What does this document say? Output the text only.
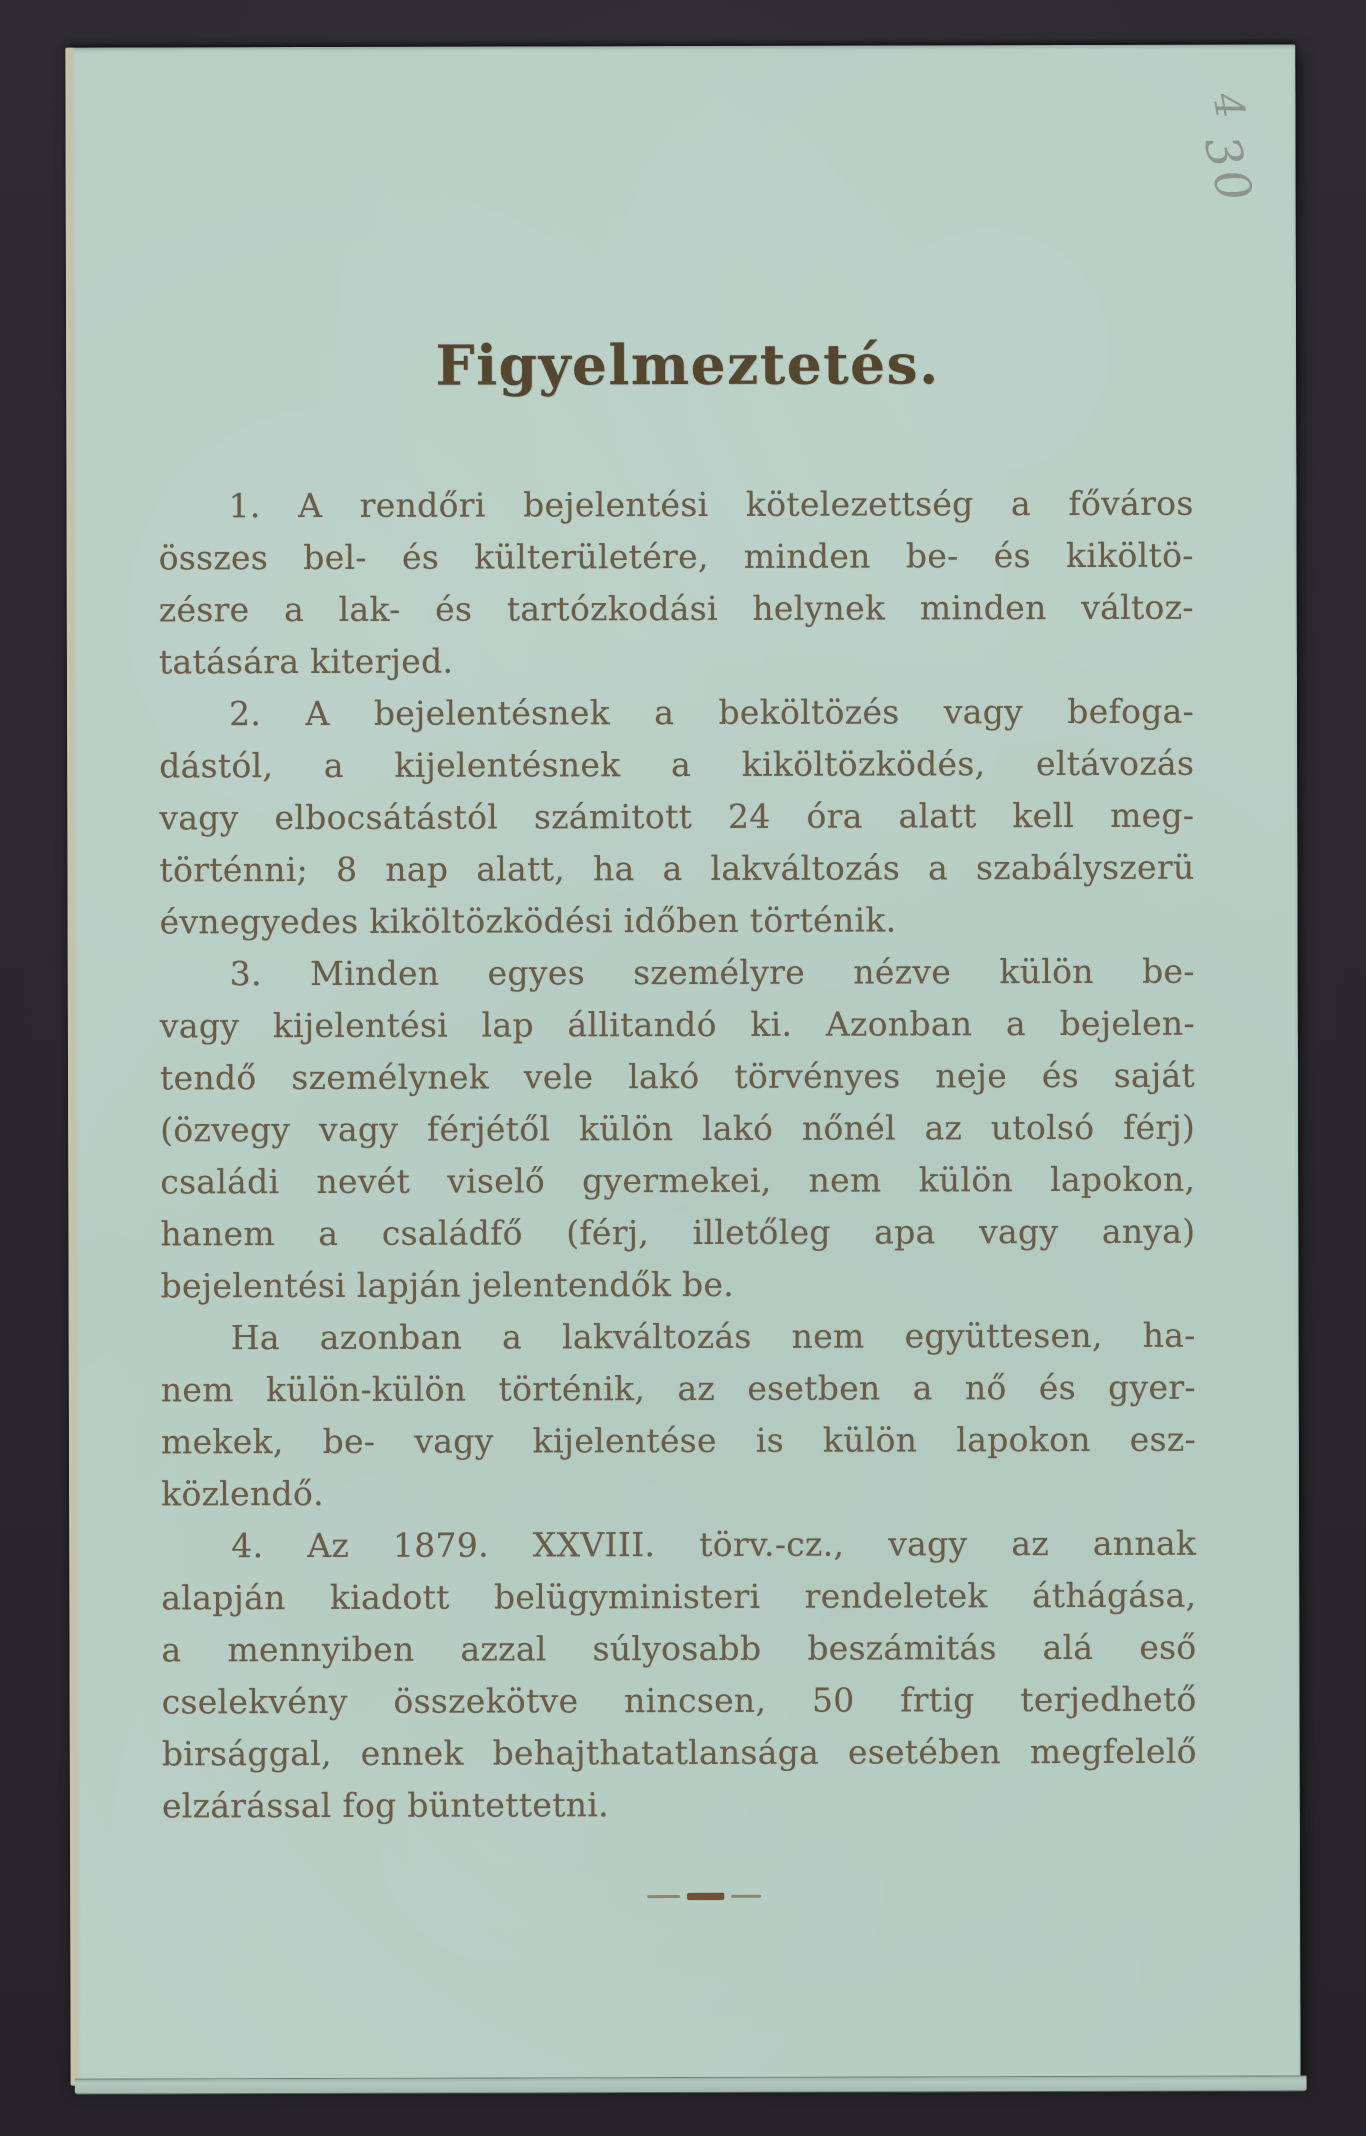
4
30
Figyelmeztetés.
1. A rendőri bejelentési kötelezettség a főváros
összes bel- és külterületére, minden be- és kiköltö-
zésre a lak- és tartózkodási helynek minden változ-
tatására kiterjed.
2. A bejelentésnek a beköltözés vagy befoga-
dástól, a kijelentésnek a kiköltözködés, eltávozás
vagy elbocsátástól számitott 24 óra alatt kell meg-
történni; 8 nap alatt, ha a lakváltozás a szabályszerü
évnegyedes kiköltözködési időben történik.
3. Minden egyes személyre nézve külön be-
vagy kijelentési lap állitandó ki. Azonban a bejelen-
tendő személynek vele lakó törvényes neje és saját
(özvegy vagy férjétől külön lakó nőnél az utolsó férj)
családi nevét viselő gyermekei, nem külön lapokon,
hanem a családfő (férj, illetőleg apa vagy anya)
bejelentési lapján jelentendők be.
Ha azonban a lakváltozás nem együttesen, ha-
nem külön-külön történik, az esetben a nő és gyer-
mekek, be- vagy kijelentése is külön lapokon esz-
közlendő.
4. Az 1879. XXVIII. törv.-cz., vagy az annak
alapján kiadott belügyministeri rendeletek áthágása,
a mennyiben azzal súlyosabb beszámitás alá eső
cselekvény összekötve nincsen, 50 frtig terjedhető
birsággal, ennek behajthatatlansága esetében megfelelő
elzárással fog büntettetni.
